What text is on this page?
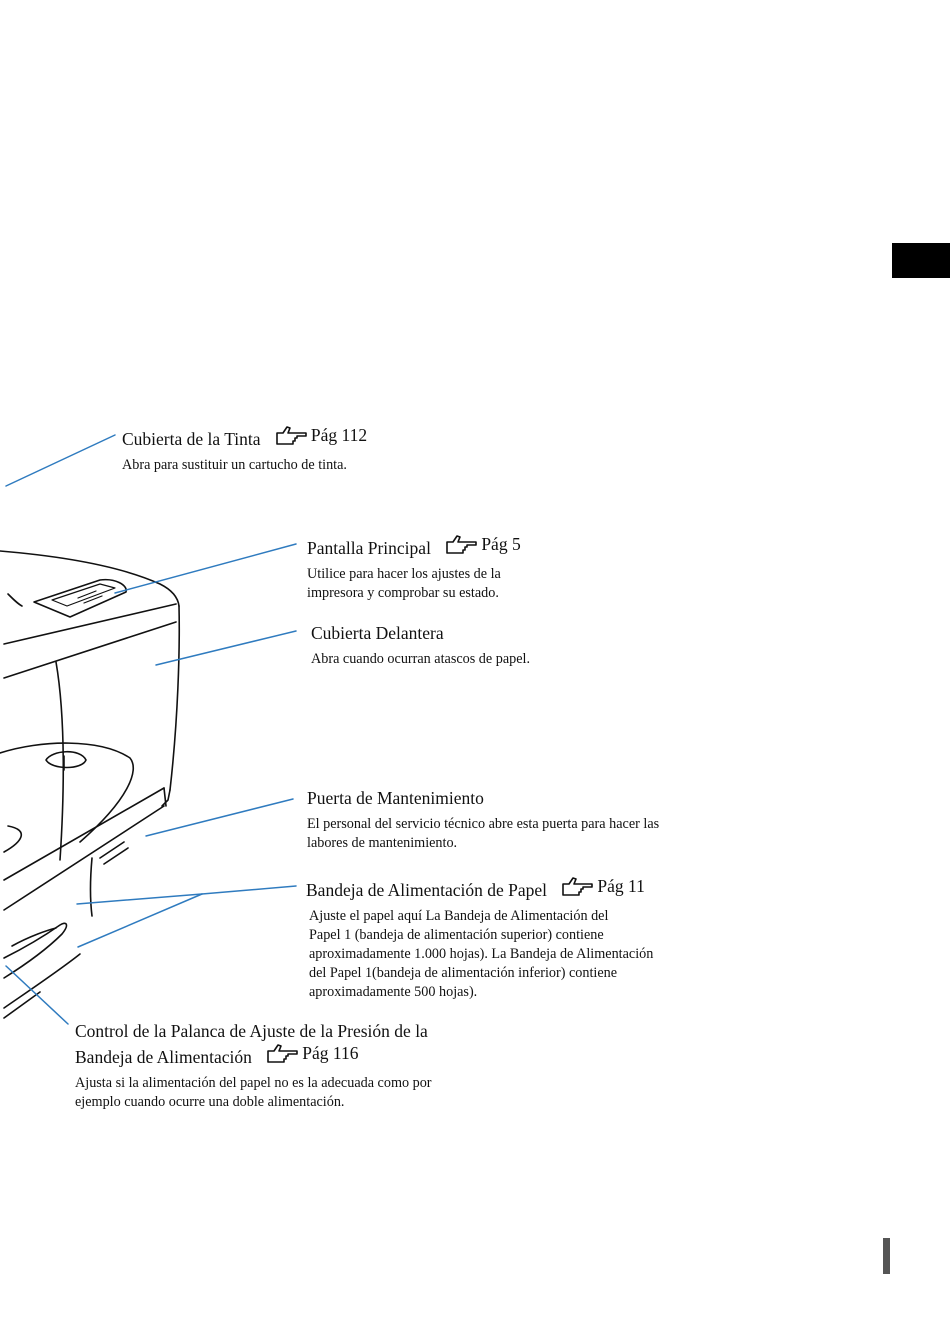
Cubierta de la Tinta	Pág 112
Abra para sustituir un cartucho de tinta.
Pantalla Principal	Pág 5
Utilice para hacer los ajustes de la
impresora y comprobar su estado.
Cubierta Delantera
Abra cuando ocurran atascos de papel.
Puerta de Mantenimiento
El personal del servicio técnico abre esta puerta para hacer las
labores de mantenimiento.
Bandeja de Alimentación de Papel	Pág 11
Ajuste el papel aquí La Bandeja de Alimentación del
Papel 1 (bandeja de alimentación superior) contiene
aproximadamente 1.000 hojas). La Bandeja de Alimentación
del Papel 1(bandeja de alimentación inferior) contiene
aproximadamente 500 hojas).
Control de la Palanca de Ajuste de la Presión de la
Bandeja de Alimentación	Pág 116
Ajusta si la alimentación del papel no es la adecuada como por
ejemplo cuando ocurre una doble alimentación.
